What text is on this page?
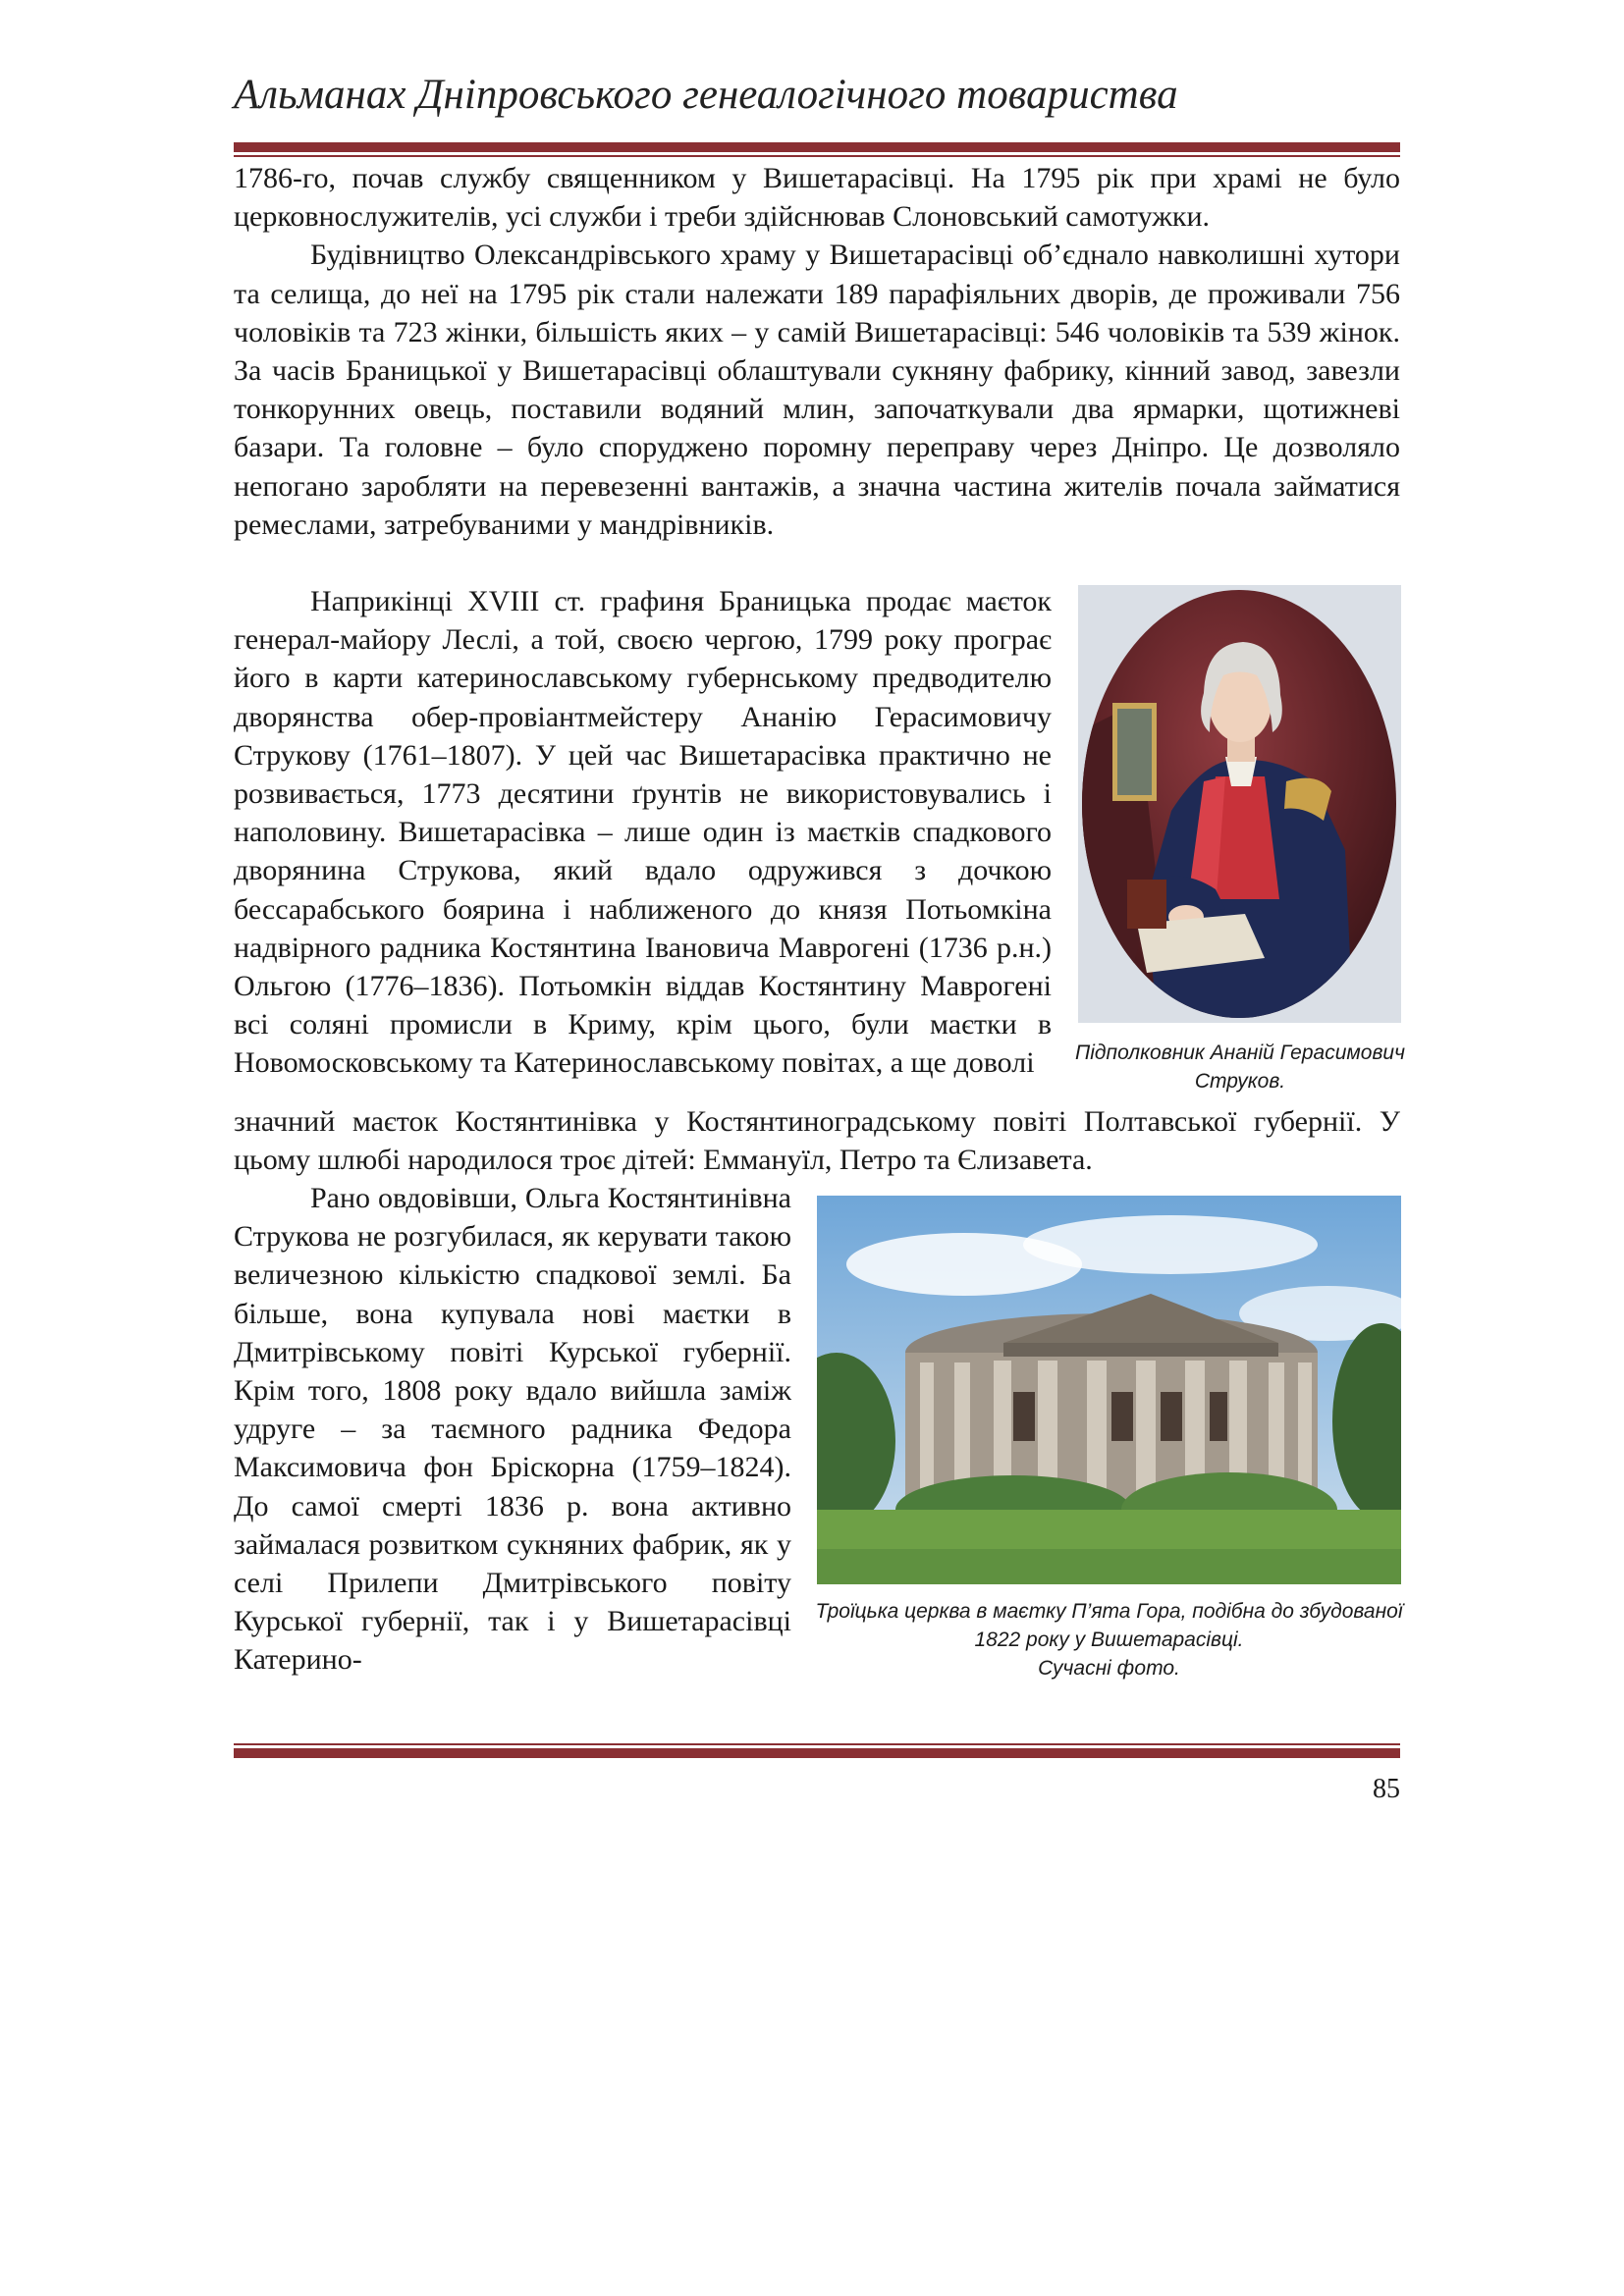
Альманах Дніпровського генеалогічного товариства

1786-го, почав службу священником у Вишетарасівці. На 1795 рік при храмі не було церковнослужителів, усі служби і треби здійснював Слоновський самотужки.

Будівництво Олександрівського храму у Вишетарасівці об’єднало навколишні хутори та селища, до неї на 1795 рік стали належати 189 парафіяльних дворів, де проживали 756 чоловіків та 723 жінки, більшість яких – у самій Вишетарасівці: 546 чоловіків та 539 жінок. За часів Браницької у Вишетарасівці облаштували сукняну фабрику, кінний завод, завезли тонкорунних овець, поставили водяний млин, започаткували два ярмарки, щотижневі базари. Та головне – було споруджено поромну переправу через Дніпро. Це дозволяло непогано заробляти на перевезенні вантажів, а значна частина жителів почала займатися ремеслами, затребуваними у мандрівників.

Наприкінці XVIII ст. графиня Браницька продає маєток генерал-майору Леслі, а той, своєю чергою, 1799 року програє його в карти катеринославському губернському предводителю дворянства обер-провіантмейстеру Ананію Герасимовичу Струкову (1761–1807). У цей час Вишетарасівка практично не розвивається, 1773 десятини ґрунтів не використовувались і наполовину. Вишетарасівка – лише один із маєтків спадкового дворянина Струкова, який вдало одружився з дочкою бессарабського боярина і наближеного до князя Потьомкіна надвірного радника Костянтина Івановича Маврогені (1736 р.н.) Ольгою (1776–1836). Потьомкін віддав Костянтину Маврогені всі соляні промисли в Криму, крім цього, були маєтки в Новомосковському та Катеринославському повітах, а ще доволі	Підполковник Ананій Герасимович Струков.

значний маєток Костянтинівка у Костянтиноградському повіті Полтавської губернії. У цьому шлюбі народилося троє дітей: Еммануїл, Петро та Єлизавета.

Рано овдовівши, Ольга Костянтинівна Струкова не розгубилася, як керувати такою величезною кількістю спадкової землі. Ба більше, вона купувала нові маєтки в Дмитрівському повіті Курської губернії. Крім того, 1808 року вдало вийшла заміж удруге – за таємного радника Федора Максимовича фон Бріскорна (1759–1824). До самої смерті 1836 р. вона активно займалася розвитком сукняних фабрик, як у селі Прилепи Дмитрівського повіту Курської губернії, так і у Вишетарасівці Катерино-

Троїцька церква в маєтку П’ята Гора, подібна до збудованої 1822 року у Вишетарасівці.
Сучасні фото.
85
